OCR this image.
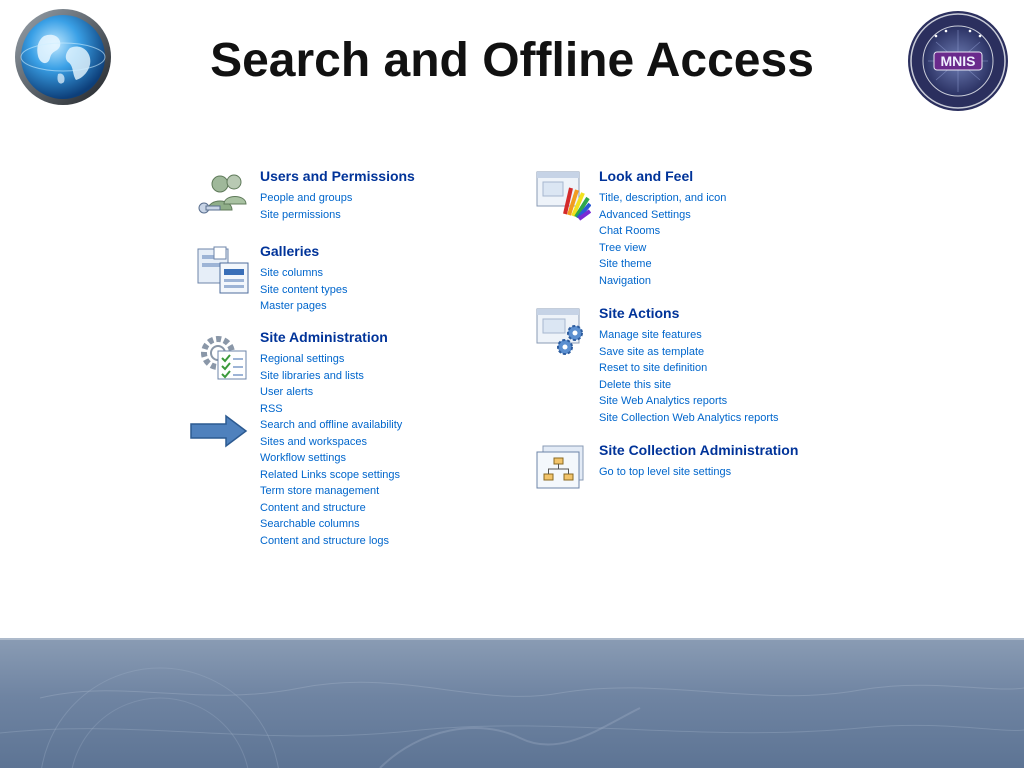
Search and Offline Access	MNIS
Users and Permissions
People and groups
Site permissions
Galleries
Site columns
Site content types
Master pages
Site Administration
Regional settings
Site libraries and lists
User alerts
RSS
Search and offline availability
Sites and workspaces
Workflow settings
Related Links scope settings
Term store management
Content and structure
Searchable columns
Content and structure logs
Look and Feel
Title, description, and icon
Advanced Settings
Chat Rooms
Tree view
Site theme
Navigation
Site Actions
Manage site features
Save site as template
Reset to site definition
Delete this site
Site Web Analytics reports
Site Collection Web Analytics reports
Site Collection Administration
Go to top level site settings
